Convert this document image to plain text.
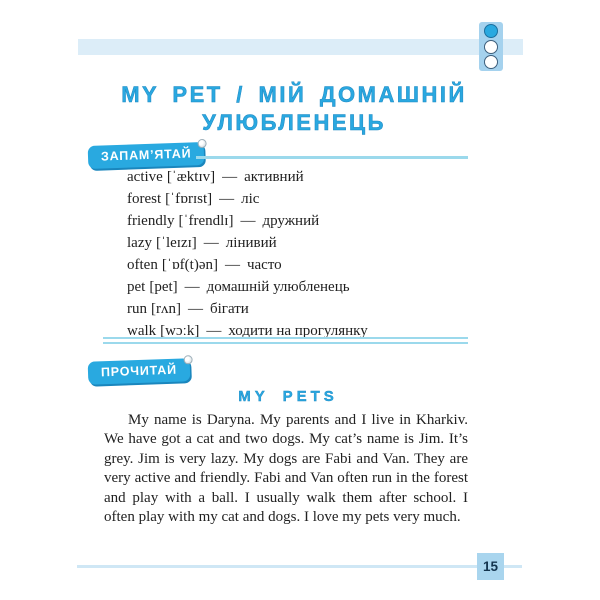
MY PET / МІЙ ДОМАШНІЙ
УЛЮБЛЕНЕЦЬ
ЗАПАМ’ЯТАЙ
active [ˈæktɪv] — активний
forest [ˈfɒrɪst] — ліс
friendly [ˈfrendlɪ] — дружний
lazy [ˈleɪzɪ] — лінивий
often [ˈɒf(t)ən] — часто
pet [pet] — домашній улюбленець
run [rʌn] — бігати
walk [wɔːk] — ходити на прогулянку
ПРОЧИТАЙ
MY PETS

My name is Daryna. My parents and I live in Kharkiv. We have got a cat and two dogs. My cat’s name is Jim. It’s grey. Jim is very lazy. My dogs are Fabi and Van. They are very active and friendly. Fabi and Van often run in the forest and play with a ball. I usually walk them after school. I often play with my cat and dogs. I love my pets very much.

15
